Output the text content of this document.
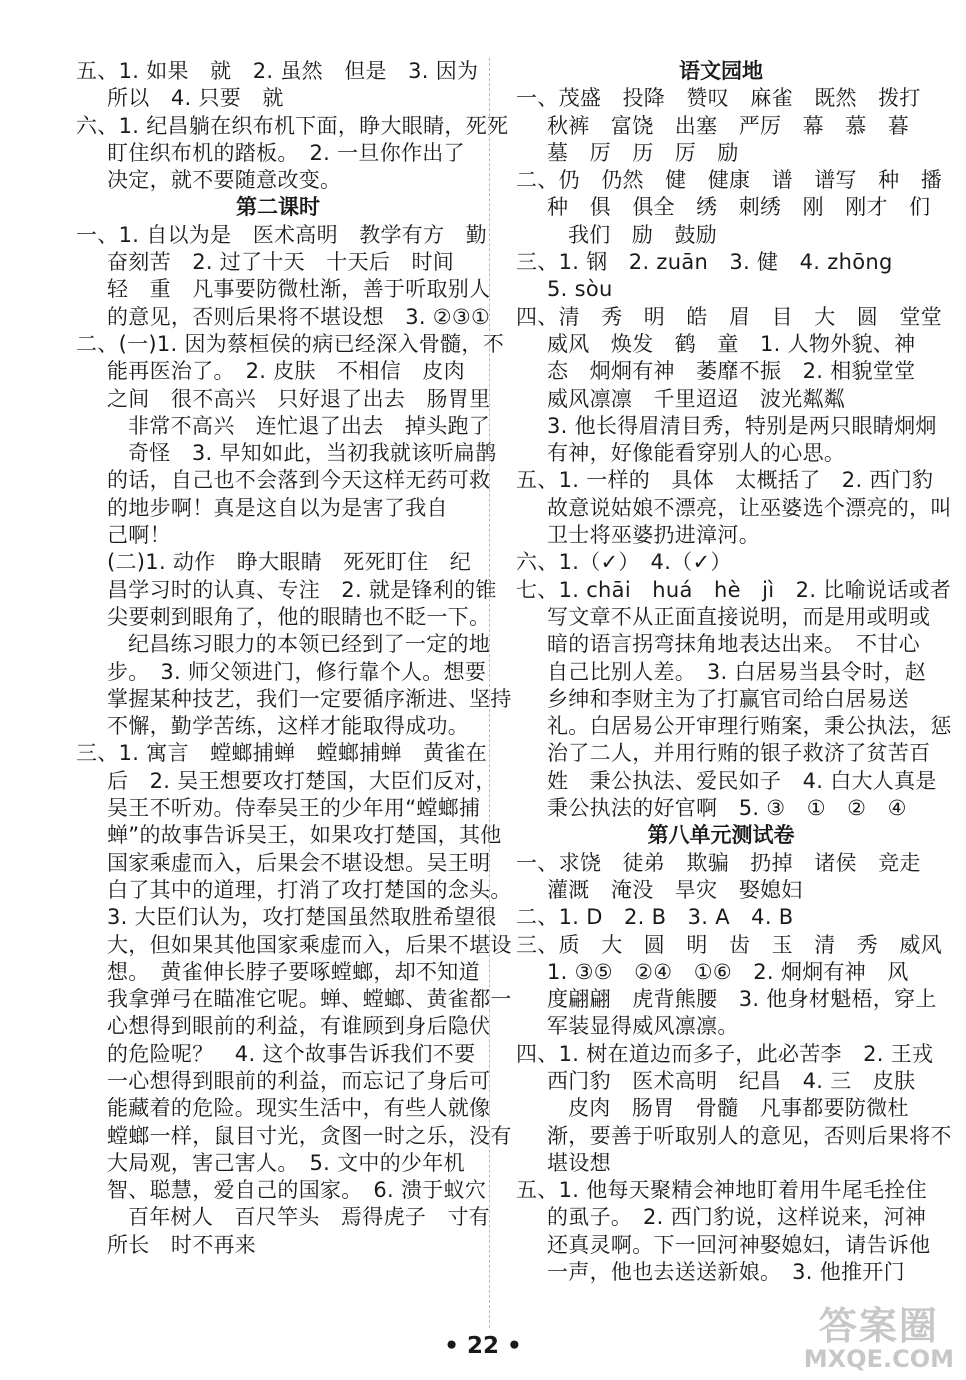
五、1. 如果　就　2. 虽然　但是　3. 因为
所以　4. 只要　就
六、1. 纪昌躺在织布机下面，睁大眼睛，死死
盯住织布机的踏板。　2. 一旦你作出了
决定，就不要随意改变。
第二课时
一、1. 自以为是　医术高明　教学有方　勤
奋刻苦　2. 过了十天　十天后　时间
轻　重　凡事要防微杜渐，善于听取别人
的意见，否则后果将不堪设想　3. ②③①
二、(一)1. 因为蔡桓侯的病已经深入骨髓，不
能再医治了。　2. 皮肤　不相信　皮肉
之间　很不高兴　只好退了出去　肠胃里
非常不高兴　连忙退了出去　掉头跑了
奇怪　3. 早知如此，当初我就该听扁鹊
的话，自己也不会落到今天这样无药可救
的地步啊！真是这自以为是害了我自
己啊！
(二)1. 动作　睁大眼睛　死死盯住　纪
昌学习时的认真、专注　2. 就是锋利的锥
尖要刺到眼角了，他的眼睛也不眨一下。
纪昌练习眼力的本领已经到了一定的地
步。　3. 师父领进门，修行靠个人。想要
掌握某种技艺，我们一定要循序渐进、坚持
不懈，勤学苦练，这样才能取得成功。
三、1. 寓言　螳螂捕蝉　螳螂捕蝉　黄雀在
后　2. 吴王想要攻打楚国，大臣们反对，
吴王不听劝。侍奉吴王的少年用“螳螂捕
蝉”的故事告诉吴王，如果攻打楚国，其他
国家乘虚而入，后果会不堪设想。吴王明
白了其中的道理，打消了攻打楚国的念头。
3. 大臣们认为，攻打楚国虽然取胜希望很
大，但如果其他国家乘虚而入，后果不堪设
想。　黄雀伸长脖子要啄螳螂，却不知道
我拿弹弓在瞄准它呢。蝉、螳螂、黄雀都一
心想得到眼前的利益，有谁顾到身后隐伏
的危险呢？　4. 这个故事告诉我们不要
一心想得到眼前的利益，而忘记了身后可
能藏着的危险。现实生活中，有些人就像
螳螂一样，鼠目寸光，贪图一时之乐，没有
大局观，害己害人。　5. 文中的少年机
智、聪慧，爱自己的国家。　6. 溃于蚁穴
百年树人　百尺竿头　焉得虎子　寸有
所长　时不再来
语文园地
一、茂盛　投降　赞叹　麻雀　既然　拨打
秋裤　富饶　出塞　严厉　幕　慕　暮
墓　厉　历　厉　励
二、仍　仍然　健　健康　谱　谱写　种　播
种　俱　俱全　绣　刺绣　刚　刚才　们
我们　励　鼓励
三、1. 钢　2. zuān　3. 健　4. zhōng
5. sòu
四、清　秀　明　皓　眉　目　大　圆　堂堂
威风　焕发　鹤　童　1. 人物外貌、神
态　炯炯有神　萎靡不振　2. 相貌堂堂
威风凛凛　千里迢迢　波光粼粼
3. 他长得眉清目秀，特别是两只眼睛炯炯
有神，好像能看穿别人的心思。
五、1. 一样的　具体　太概括了　2. 西门豹
故意说姑娘不漂亮，让巫婆选个漂亮的，叫
卫士将巫婆扔进漳河。
六、1.（✓）　4.（✓）
七、1. chāi　huá　hè　jì　2. 比喻说话或者
写文章不从正面直接说明，而是用或明或
暗的语言拐弯抹角地表达出来。　不甘心
自己比别人差。　3. 白居易当县令时，赵
乡绅和李财主为了打赢官司给白居易送
礼。白居易公开审理行贿案，秉公执法，惩
治了二人，并用行贿的银子救济了贫苦百
姓　秉公执法、爱民如子　4. 白大人真是
秉公执法的好官啊　5. ③　①　②　④
第八单元测试卷
一、求饶　徒弟　欺骗　扔掉　诸侯　竞走
灌溉　淹没　旱灾　娶媳妇
二、1. D　2. B　3. A　4. B
三、质　大　圆　明　齿　玉　清　秀　威风
1. ③⑤　②④　①⑥　2. 炯炯有神　风
度翩翩　虎背熊腰　3. 他身材魁梧，穿上
军装显得威风凛凛。
四、1. 树在道边而多子，此必苦李　2. 王戎
西门豹　医术高明　纪昌　4. 三　皮肤
皮肉　肠胃　骨髓　凡事都要防微杜
渐，要善于听取别人的意见，否则后果将不
堪设想
五、1. 他每天聚精会神地盯着用牛尾毛拴住
的虱子。　2. 西门豹说，这样说来，河神
还真灵啊。下一回河神娶媳妇，请告诉他
一声，他也去送送新娘。　3. 他推开门
• 22 •	答案圈
MXQE.COM
